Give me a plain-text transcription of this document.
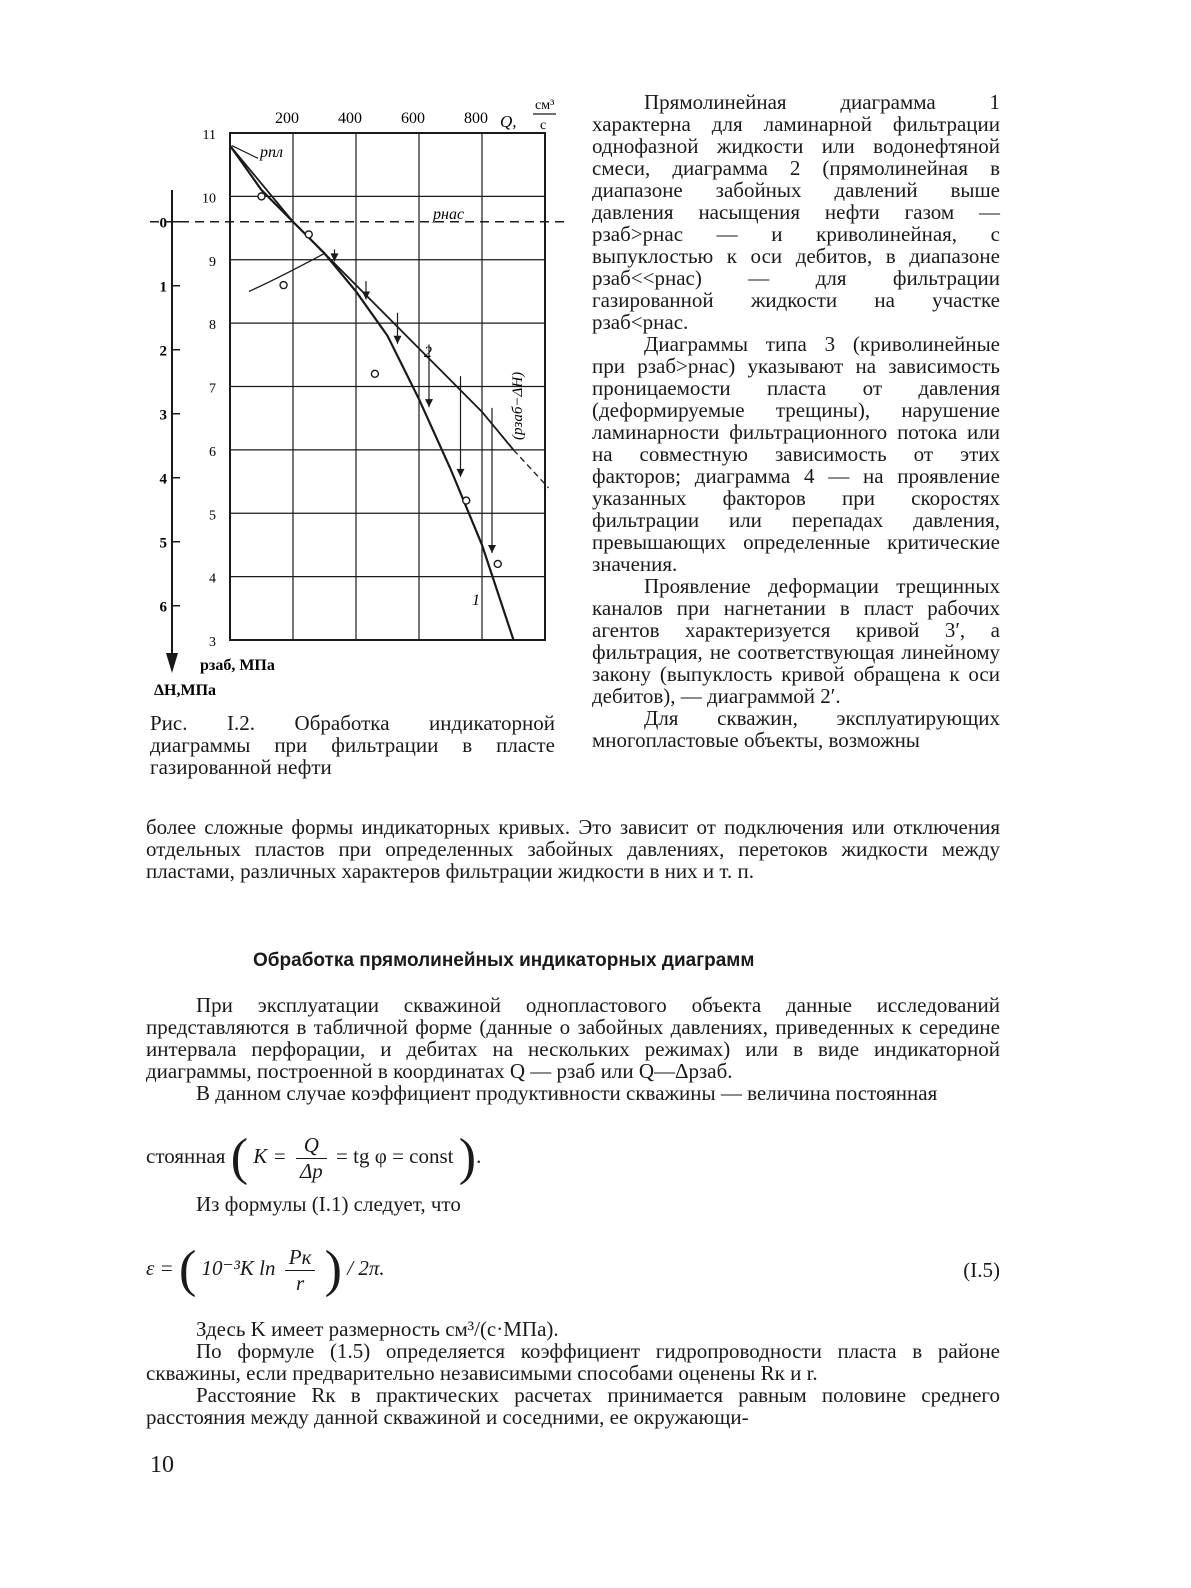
200 400 600 800
3
4
5
6
7
8
9
10
11
0
1
2
3
4
5
6
pпл
pнас
Q,
см³
с
(pзаб−ΔH)
2
1
pзаб, МПа
ΔH,МПа
Рис. I.2. Обработка индикаторной диаграммы при фильтрации в пласте газированной нефти

Прямолинейная диаграмма 1 характерна для ламинарной фильтрации однофазной жидкости или водонефтяной смеси, диаграмма 2 (прямолинейная в диапазоне забойных давлений выше давления насыщения нефти газом — pзаб>pнас — и криволинейная, с выпуклостью к оси дебитов, в диапазоне pзаб<<pнас) — для фильтрации газированной жидкости на участке pзаб<pнас.

Диаграммы типа 3 (криволинейные при pзаб>pнас) указывают на зависимость проницаемости пласта от давления (деформируемые трещины), нарушение ламинарности фильтрационного потока или на совместную зависимость от этих факторов; диаграмма 4 — на проявление указанных факторов при скоростях фильтрации или перепадах давления, превышающих определенные критические значения.

Проявление деформации трещинных каналов при нагнетании в пласт рабочих агентов характеризуется кривой 3′, а фильтрация, не соответствующая линейному закону (выпуклость кривой обращена к оси дебитов), — диаграммой 2′.

Для скважин, эксплуатирующих многопластовые объекты, возможны

более сложные формы индикаторных кривых. Это зависит от подключения или отключения отдельных пластов при определенных забойных давлениях, перетоков жидкости между пластами, различных характеров фильтрации жидкости в них и т. п.

Обработка прямолинейных индикаторных диаграмм

При эксплуатации скважиной однопластового объекта данные исследований представляются в табличной форме (данные о забойных давлениях, приведенных к середине интервала перфорации, и дебитах на нескольких режимах) или в виде индикаторной диаграммы, построенной в координатах Q — pзаб или Q—Δpзаб.

В данном случае коэффициент продуктивности скважины — величина постоянная

стоянная ( $K = \frac{Q}{\Delta p}$ = tg φ = const ).

Из формулы (I.1) следует, что

ε = ( 10⁻³K $\ln \frac{Pк}{r}$ ) / 2π.	(I.5)

Здесь K имеет размерность см³/(с·МПа).

По формуле (1.5) определяется коэффициент гидропроводности пласта в районе скважины, если предварительно независимыми способами оценены Rк и r.

Расстояние Rк в практических расчетах принимается равным половине среднего расстояния между данной скважиной и соседними, ее окружающи-

10
